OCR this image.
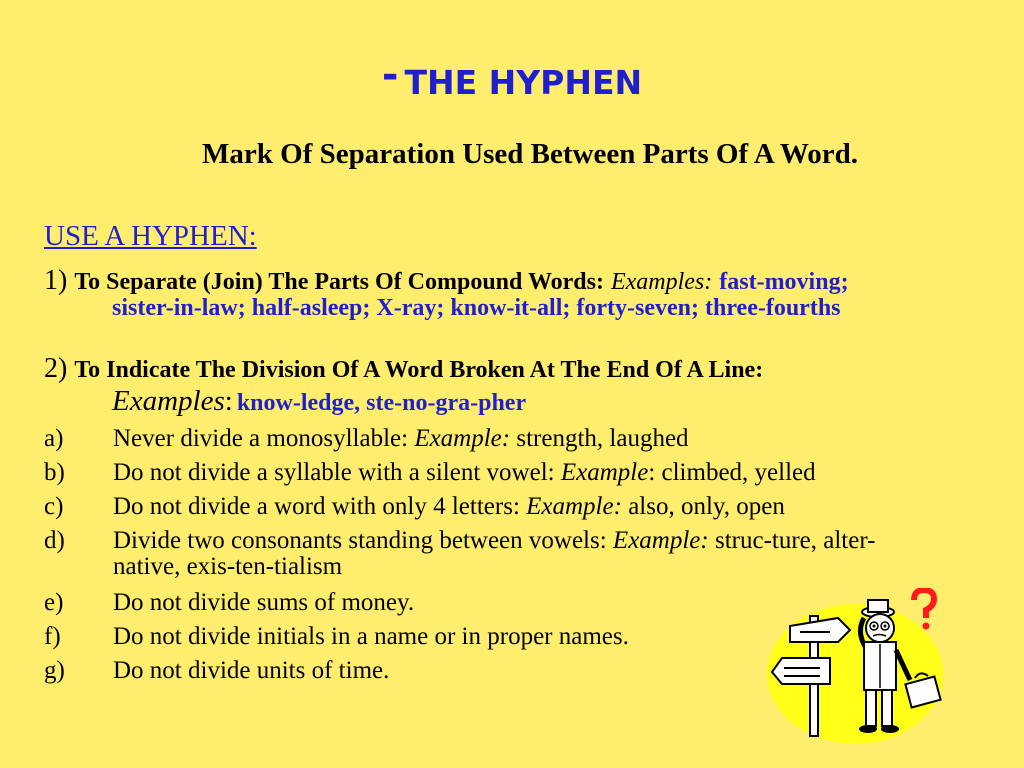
- THE HYPHEN
Mark Of Separation Used Between Parts Of A Word.
USE A HYPHEN:
1) To Separate (Join) The Parts Of Compound Words: Examples: fast-moving;
sister-in-law; half-asleep; X-ray; know-it-all; forty-seven; three-fourths
2) To Indicate The Division Of A Word Broken At The End Of A Line:
Examples: know-ledge, ste-no-gra-pher
a)	Never divide a monosyllable: Example: strength, laughed
b)	Do not divide a syllable with a silent vowel: Example: climbed, yelled
c)	Do not divide a word with only 4 letters: Example: also, only, open
d)	Divide two consonants standing between vowels: Example: struc-ture, alter-
native, exis-ten-tialism
e)	Do not divide sums of money.
f)	Do not divide initials in a name or in proper names.
g)	Do not divide units of time.
